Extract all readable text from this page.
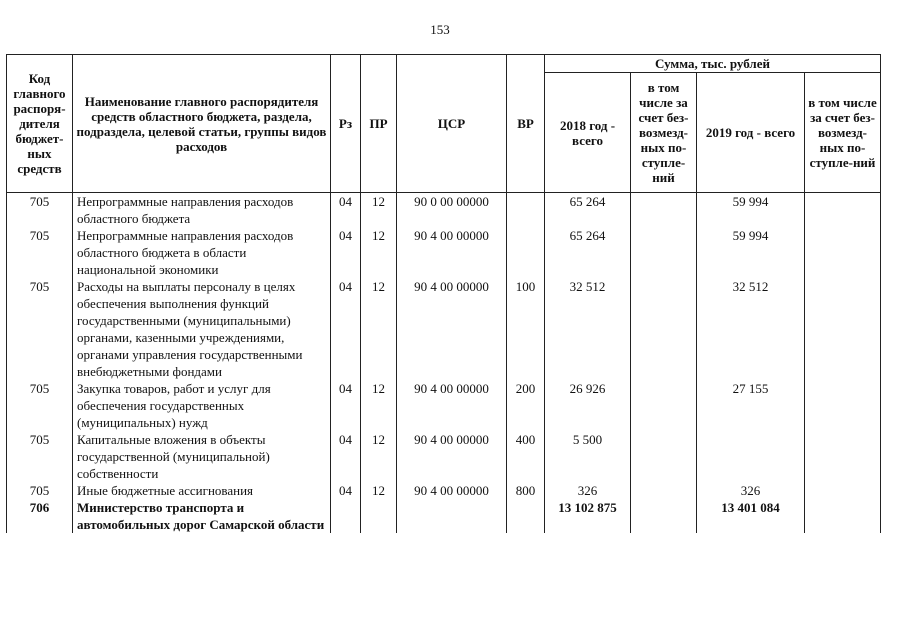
153
Код главного распоря-дителя бюджет-ных средств	Наименование главного распорядителя средств областного бюджета, раздела, подраздела, целевой статьи, группы видов расходов	Рз	ПР	ЦСР	ВР	Сумма, тыс. рублей			
						2018 год - всего	в том числе за счет без-возмезд-ных по-ступле-ний	2019 год - всего	в том числе за счет без-возмезд-ных по-ступле-ний
705	Непрограммные направления расходов областного бюджета	04	12	90 0 00 00000		65 264		59 994	
705	Непрограммные направления расходов областного бюджета в области национальной экономики	04	12	90 4 00 00000		65 264		59 994	
705	Расходы на выплаты персоналу в целях обеспечения выполнения функций государственными (муниципальными) органами, казенными учреждениями, органами управления государственными внебюджетными фондами	04	12	90 4 00 00000	100	32 512		32 512	
705	Закупка товаров, работ и услуг для обеспечения государственных (муниципальных) нужд	04	12	90 4 00 00000	200	26 926		27 155	
705	Капитальные вложения в объекты государственной (муниципальной) собственности	04	12	90 4 00 00000	400	5 500			
705	Иные бюджетные ассигнования	04	12	90 4 00 00000	800	326		326	
706	Министерство транспорта и автомобильных дорог Самарской области					13 102 875		13 401 084	
